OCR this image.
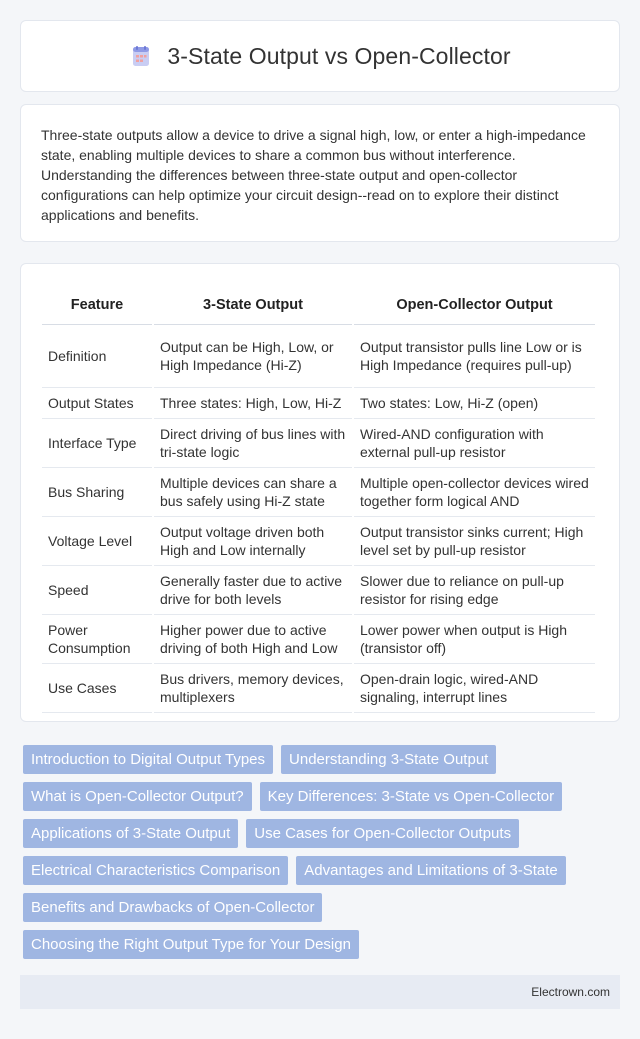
3-State Output vs Open-Collector

Three-state outputs allow a device to drive a signal high, low, or enter a high-impedance state, enabling multiple devices to share a common bus without interference. Understanding the differences between three-state output and open-collector configurations can help optimize your circuit design--read on to explore their distinct applications and benefits.

Feature	3-State Output	Open-Collector Output
Definition	Output can be High, Low, or High Impedance (Hi-Z)	Output transistor pulls line Low or is High Impedance (requires pull-up)
Output States	Three states: High, Low, Hi-Z	Two states: Low, Hi-Z (open)
Interface Type	Direct driving of bus lines with tri-state logic	Wired-AND configuration with external pull-up resistor
Bus Sharing	Multiple devices can share a bus safely using Hi-Z state	Multiple open-collector devices wired together form logical AND
Voltage Level	Output voltage driven both High and Low internally	Output transistor sinks current; High level set by pull-up resistor
Speed	Generally faster due to active drive for both levels	Slower due to reliance on pull-up resistor for rising edge
Power Consumption	Higher power due to active driving of both High and Low	Lower power when output is High (transistor off)
Use Cases	Bus drivers, memory devices, multiplexers	Open-drain logic, wired-AND signaling, interrupt lines
Introduction to Digital Output Types	Understanding 3-State Output
What is Open-Collector Output?	Key Differences: 3-State vs Open-Collector
Applications of 3-State Output	Use Cases for Open-Collector Outputs
Electrical Characteristics Comparison	Advantages and Limitations of 3-State
Benefits and Drawbacks of Open-Collector
Choosing the Right Output Type for Your Design
Electrown.com
